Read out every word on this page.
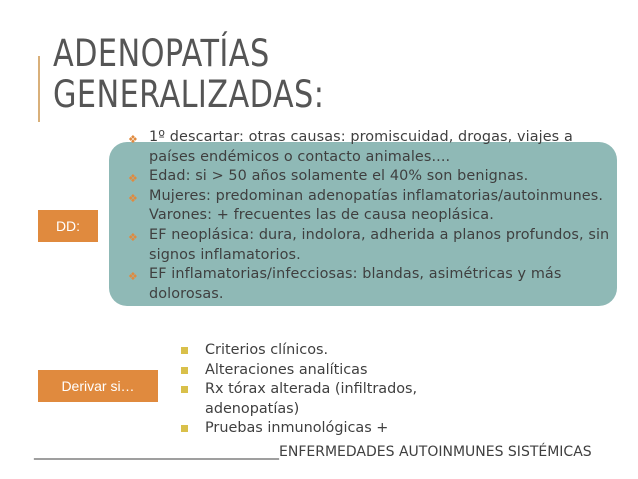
ADENOPATÍAS
GENERALIZADAS:
DD:
Derivar si…
❖ 1º descartar: otras causas: promiscuidad, drogas, viajes a países endémicos o contacto animales....
❖ Edad: si > 50 años solamente el 40% son benignas.
❖ Mujeres: predominan adenopatías inflamatorias/autoinmunes. Varones: + frecuentes las de causa neoplásica.
❖ EF neoplásica: dura, indolora, adherida a planos profundos, sin signos inflamatorios.
❖ EF inflamatorias/infecciosas: blandas, asimétricas y más dolorosas.
Criterios clínicos.
Alteraciones analíticas
Rx tórax alterada (infiltrados, adenopatías)
Pruebas inmunológicas +
___________________________________ENFERMEDADES AUTOINMUNES SISTÉMICAS
